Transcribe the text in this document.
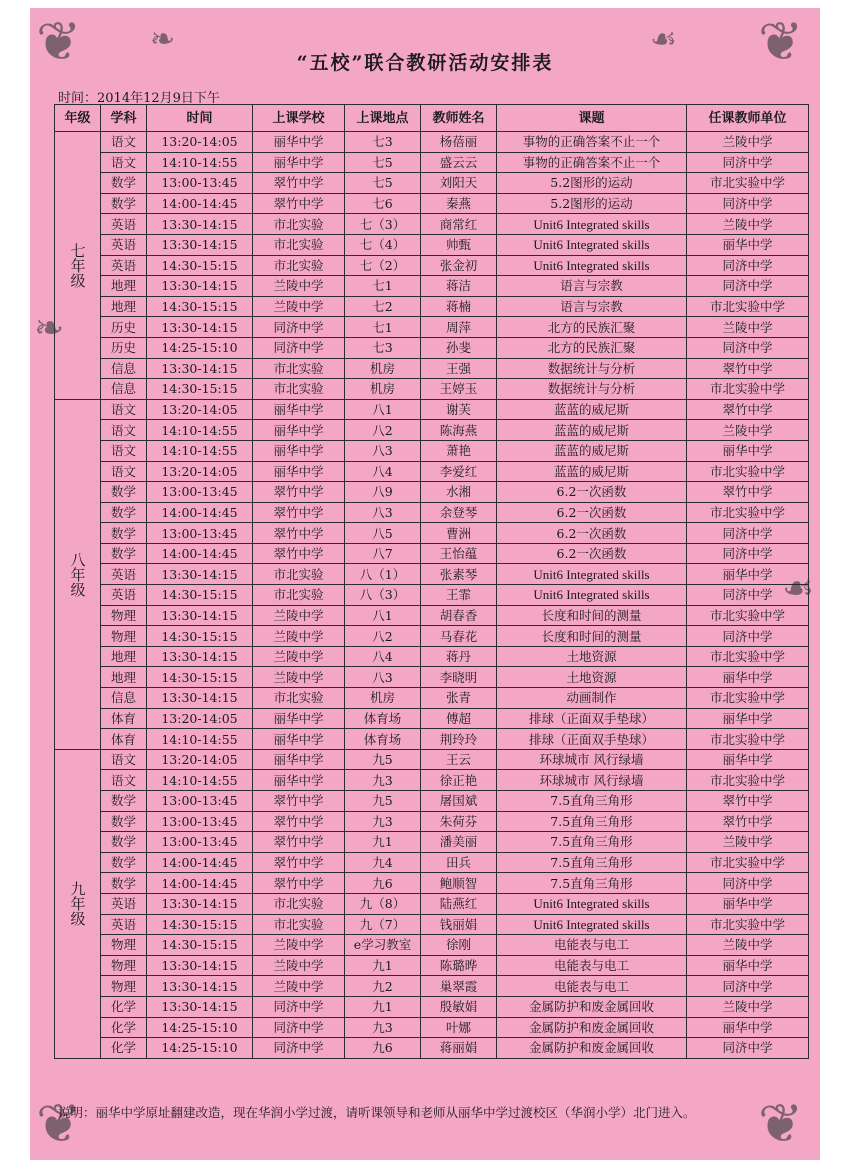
❦ ❧	☙ ❦
❧
☙
❦	❦
“五校”联合教研活动安排表
时间：2014年12月9日下午
年级	学科	时间	上课学校	上课地点	教师姓名	课题	任课教师单位
七年级	语文	13:20-14:05	丽华中学	七3	杨蓓丽	事物的正确答案不止一个	兰陵中学
	语文	14:10-14:55	丽华中学	七5	盛云云	事物的正确答案不止一个	同济中学
	数学	13:00-13:45	翠竹中学	七5	刘阳天	5.2图形的运动	市北实验中学
	数学	14:00-14:45	翠竹中学	七6	秦燕	5.2图形的运动	同济中学
	英语	13:30-14:15	市北实验	七（3）	商常红	Unit6 Integrated skills	兰陵中学
	英语	13:30-14:15	市北实验	七（4）	帅甄	Unit6 Integrated skills	丽华中学
	英语	14:30-15:15	市北实验	七（2）	张金初	Unit6 Integrated skills	同济中学
	地理	13:30-14:15	兰陵中学	七1	蒋洁	语言与宗教	同济中学
	地理	14:30-15:15	兰陵中学	七2	蒋楠	语言与宗教	市北实验中学
	历史	13:30-14:15	同济中学	七1	周萍	北方的民族汇聚	兰陵中学
	历史	14:25-15:10	同济中学	七3	孙斐	北方的民族汇聚	同济中学
	信息	13:30-14:15	市北实验	机房	王强	数据统计与分析	翠竹中学
	信息	14:30-15:15	市北实验	机房	王婷玉	数据统计与分析	市北实验中学
八年级	语文	13:20-14:05	丽华中学	八1	谢芙	蓝蓝的威尼斯	翠竹中学
	语文	14:10-14:55	丽华中学	八2	陈海燕	蓝蓝的威尼斯	兰陵中学
	语文	14:10-14:55	丽华中学	八3	萧艳	蓝蓝的威尼斯	丽华中学
	语文	13:20-14:05	丽华中学	八4	李爱红	蓝蓝的威尼斯	市北实验中学
	数学	13:00-13:45	翠竹中学	八9	水湘	6.2一次函数	翠竹中学
	数学	14:00-14:45	翠竹中学	八3	余登琴	6.2一次函数	市北实验中学
	数学	13:00-13:45	翠竹中学	八5	曹洲	6.2一次函数	同济中学
	数学	14:00-14:45	翠竹中学	八7	王怡蕴	6.2一次函数	同济中学
	英语	13:30-14:15	市北实验	八（1）	张素琴	Unit6 Integrated skills	丽华中学
	英语	14:30-15:15	市北实验	八（3）	王霏	Unit6 Integrated skills	同济中学
	物理	13:30-14:15	兰陵中学	八1	胡春香	长度和时间的测量	市北实验中学
	物理	14:30-15:15	兰陵中学	八2	马春花	长度和时间的测量	同济中学
	地理	13:30-14:15	兰陵中学	八4	蒋丹	土地资源	市北实验中学
	地理	14:30-15:15	兰陵中学	八3	李晓明	土地资源	丽华中学
	信息	13:30-14:15	市北实验	机房	张青	动画制作	市北实验中学
	体育	13:20-14:05	丽华中学	体育场	傅超	排球（正面双手垫球）	丽华中学
	体育	14:10-14:55	丽华中学	体育场	荆玲玲	排球（正面双手垫球）	市北实验中学
九年级	语文	13:20-14:05	丽华中学	九5	王云	环球城市 风行绿墙	丽华中学
	语文	14:10-14:55	丽华中学	九3	徐正艳	环球城市 风行绿墙	市北实验中学
	数学	13:00-13:45	翠竹中学	九5	屠国斌	7.5直角三角形	翠竹中学
	数学	13:00-13:45	翠竹中学	九3	朱荷芬	7.5直角三角形	翠竹中学
	数学	13:00-13:45	翠竹中学	九1	潘美丽	7.5直角三角形	兰陵中学
	数学	14:00-14:45	翠竹中学	九4	田兵	7.5直角三角形	市北实验中学
	数学	14:00-14:45	翠竹中学	九6	鲍顺智	7.5直角三角形	同济中学
	英语	13:30-14:15	市北实验	九（8）	陆燕红	Unit6 Integrated skills	丽华中学
	英语	14:30-15:15	市北实验	九（7）	钱丽娟	Unit6 Integrated skills	市北实验中学
	物理	14:30-15:15	兰陵中学	e学习教室	徐刚	电能表与电工	兰陵中学
	物理	13:30-14:15	兰陵中学	九1	陈璐晔	电能表与电工	丽华中学
	物理	13:30-14:15	兰陵中学	九2	巢翠霞	电能表与电工	同济中学
	化学	13:30-14:15	同济中学	九1	殷敏娟	金属防护和废金属回收	兰陵中学
	化学	14:25-15:10	同济中学	九3	叶娜	金属防护和废金属回收	丽华中学
	化学	14:25-15:10	同济中学	九6	蒋丽娟	金属防护和废金属回收	同济中学
说明：丽华中学原址翻建改造，现在华润小学过渡，请听课领导和老师从丽华中学过渡校区（华润小学）北门进入。
